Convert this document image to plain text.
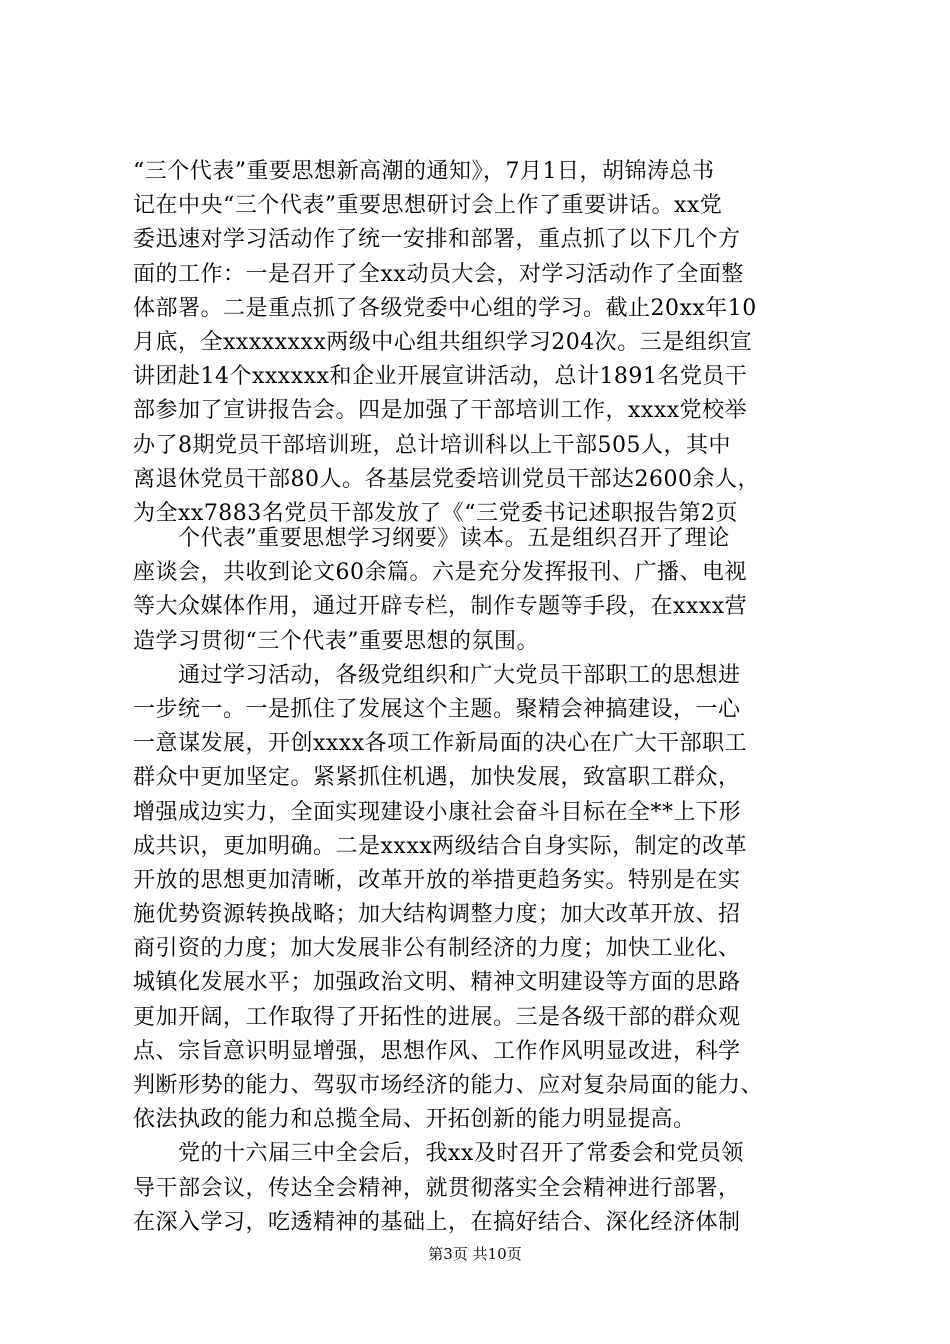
“三个代表”重要思想新高潮的通知》，7月1日，胡锦涛总书
记在中央“三个代表”重要思想研讨会上作了重要讲话。xx党
委迅速对学习活动作了统一安排和部署，重点抓了以下几个方
面的工作：一是召开了全xx动员大会，对学习活动作了全面整
体部署。二是重点抓了各级党委中心组的学习。截止20xx年10
月底，全xxxxxxxx两级中心组共组织学习204次。三是组织宣
讲团赴14个xxxxxx和企业开展宣讲活动，总计1891名党员干
部参加了宣讲报告会。四是加强了干部培训工作，xxxx党校举
办了8期党员干部培训班，总计培训科以上干部505人，其中
离退休党员干部80人。各基层党委培训党员干部达2600余人，
为全xx7883名党员干部发放了《“三党委书记述职报告第2页
　　个代表”重要思想学习纲要》读本。五是组织召开了理论
座谈会，共收到论文60余篇。六是充分发挥报刊、广播、电视
等大众媒体作用，通过开辟专栏，制作专题等手段，在xxxx营
造学习贯彻“三个代表”重要思想的氛围。
　　通过学习活动，各级党组织和广大党员干部职工的思想进
一步统一。一是抓住了发展这个主题。聚精会神搞建设，一心
一意谋发展，开创xxxx各项工作新局面的决心在广大干部职工
群众中更加坚定。紧紧抓住机遇，加快发展，致富职工群众，
增强成边实力，全面实现建设小康社会奋斗目标在全**上下形
成共识，更加明确。二是xxxx两级结合自身实际，制定的改革
开放的思想更加清晰，改革开放的举措更趋务实。特别是在实
施优势资源转换战略；加大结构调整力度；加大改革开放、招
商引资的力度；加大发展非公有制经济的力度；加快工业化、
城镇化发展水平；加强政治文明、精神文明建设等方面的思路
更加开阔，工作取得了开拓性的进展。三是各级干部的群众观
点、宗旨意识明显增强，思想作风、工作作风明显改进，科学
判断形势的能力、驾驭市场经济的能力、应对复杂局面的能力、
依法执政的能力和总揽全局、开拓创新的能力明显提高。
　　党的十六届三中全会后，我xx及时召开了常委会和党员领
导干部会议，传达全会精神，就贯彻落实全会精神进行部署，
在深入学习，吃透精神的基础上，在搞好结合、深化经济体制
第3页 共10页
